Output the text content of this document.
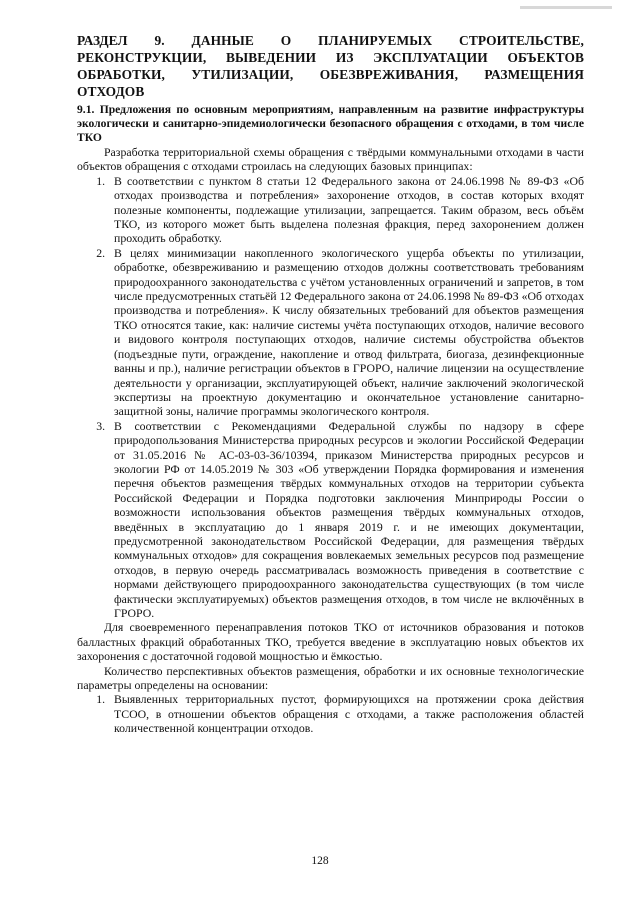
РАЗДЕЛ 9. ДАННЫЕ О ПЛАНИРУЕМЫХ СТРОИТЕЛЬСТВЕ, РЕКОНСТРУКЦИИ, ВЫВЕДЕНИИ ИЗ ЭКСПЛУАТАЦИИ ОБЪЕКТОВ ОБРАБОТКИ, УТИЛИЗАЦИИ, ОБЕЗВРЕЖИВАНИЯ, РАЗМЕЩЕНИЯ ОТХОДОВ
9.1. Предложения по основным мероприятиям, направленным на развитие инфраструктуры экологически и санитарно-эпидемиологически безопасного обращения с отходами, в том числе ТКО

Разработка территориальной схемы обращения с твёрдыми коммунальными отходами в части объектов обращения с отходами строилась на следующих базовых принципах:

1. В соответствии с пунктом 8 статьи 12 Федерального закона от 24.06.1998 № 89-ФЗ «Об отходах производства и потребления» захоронение отходов, в состав которых входят полезные компоненты, подлежащие утилизации, запрещается. Таким образом, весь объём ТКО, из которого может быть выделена полезная фракция, перед захоронением должен проходить обработку.
2. В целях минимизации накопленного экологического ущерба объекты по утилизации, обработке, обезвреживанию и размещению отходов должны соответствовать требованиям природоохранного законодательства с учётом установленных ограничений и запретов, в том числе предусмотренных статьёй 12 Федерального закона от 24.06.1998 № 89-ФЗ «Об отходах производства и потребления». К числу обязательных требований для объектов размещения ТКО относятся такие, как: наличие системы учёта поступающих отходов, наличие весового и видового контроля поступающих отходов, наличие системы обустройства объектов (подъездные пути, ограждение, накопление и отвод фильтрата, биогаза, дезинфекционные ванны и пр.), наличие регистрации объектов в ГРОРО, наличие лицензии на осуществление деятельности у организации, эксплуатирующей объект, наличие заключений экологической экспертизы на проектную документацию и окончательное установление санитарно-защитной зоны, наличие программы экологического контроля.
3. В соответствии с Рекомендациями Федеральной службы по надзору в сфере природопользования Министерства природных ресурсов и экологии Российской Федерации от 31.05.2016 № АС-03-03-36/10394, приказом Министерства природных ресурсов и экологии РФ от 14.05.2019 № 303 «Об утверждении Порядка формирования и изменения перечня объектов размещения твёрдых коммунальных отходов на территории субъекта Российской Федерации и Порядка подготовки заключения Минприроды России о возможности использования объектов размещения твёрдых коммунальных отходов, введённых в эксплуатацию до 1 января 2019 г. и не имеющих документации, предусмотренной законодательством Российской Федерации, для размещения твёрдых коммунальных отходов» для сокращения вовлекаемых земельных ресурсов под размещение отходов, в первую очередь рассматривалась возможность приведения в соответствие с нормами действующего природоохранного законодательства существующих (в том числе фактически эксплуатируемых) объектов размещения отходов, в том числе не включённых в ГРОРО.

Для своевременного перенаправления потоков ТКО от источников образования и потоков балластных фракций обработанных ТКО, требуется введение в эксплуатацию новых объектов их захоронения с достаточной годовой мощностью и ёмкостью.

Количество перспективных объектов размещения, обработки и их основные технологические параметры определены на основании:

1. Выявленных территориальных пустот, формирующихся на протяжении срока действия ТСОО, в отношении объектов обращения с отходами, а также расположения областей количественной концентрации отходов.
128
